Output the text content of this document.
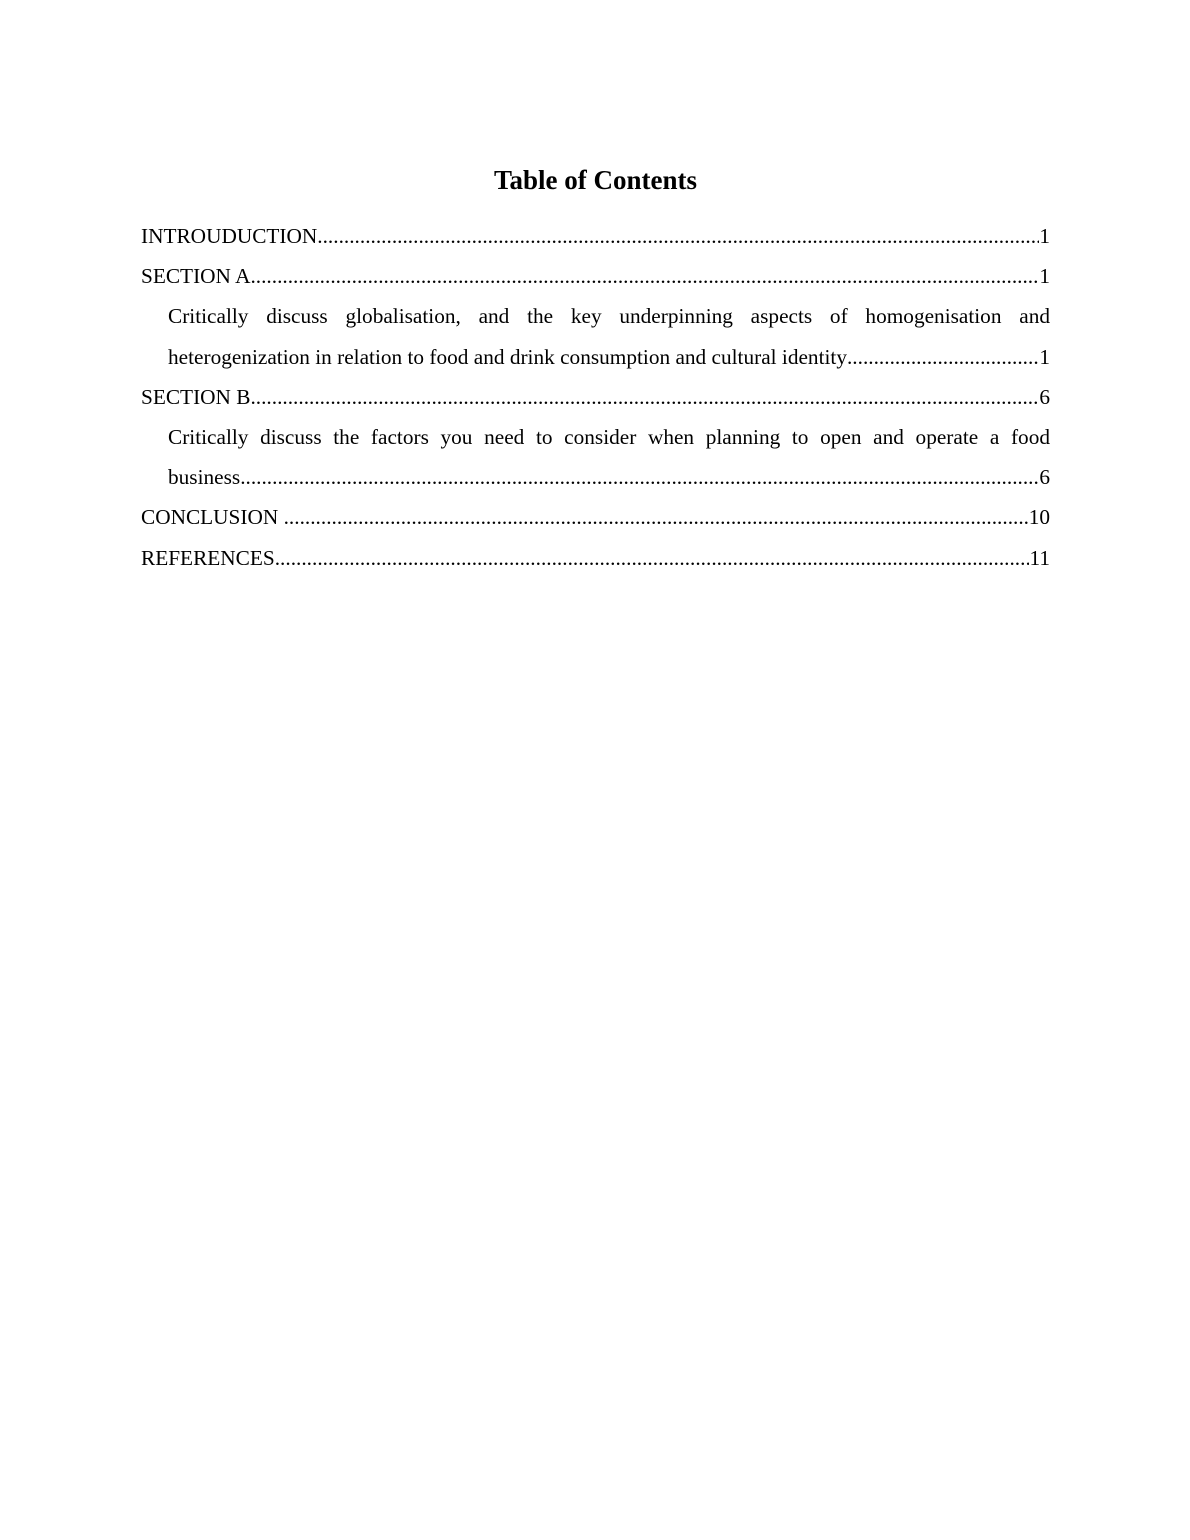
Table of Contents
INTROUDUCTION .....	1
SECTION A .....	1
Critically discuss globalisation, and the key underpinning aspects of homogenisation and
heterogenization in relation to food and drink consumption and cultural identity .....	1
SECTION B .....	6
Critically discuss the factors you need to consider when planning to open and operate a food
business .....	6
CONCLUSION .....	10
REFERENCES .....	11
